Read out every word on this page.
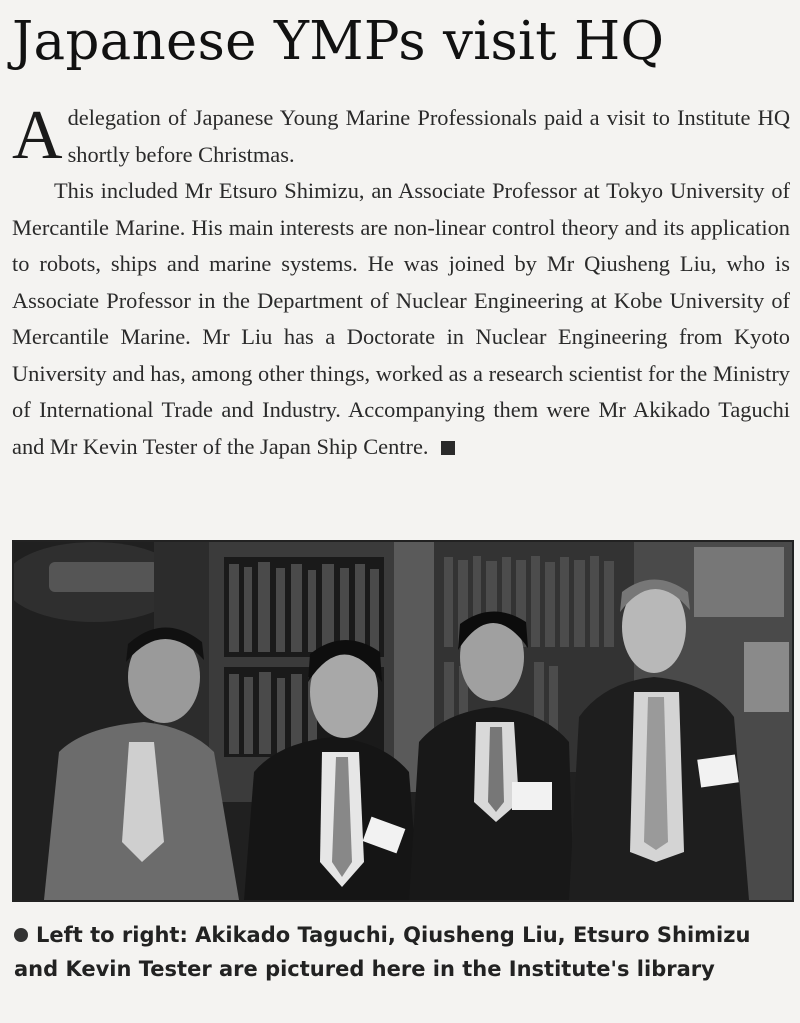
Japanese YMPs visit HQ

Adelegation of Japanese Young Marine Professionals paid a visit to Institute HQ shortly before Christmas.

This included Mr Etsuro Shimizu, an Associate Professor at Tokyo University of Mercantile Marine. His main interests are non-linear control theory and its application to robots, ships and marine systems. He was joined by Mr Qiusheng Liu, who is Associate Professor in the Department of Nuclear Engineering at Kobe University of Mercantile Marine. Mr Liu has a Doctorate in Nuclear Engineering from Kyoto University and has, among other things, worked as a research scientist for the Ministry of International Trade and Industry. Accompanying them were Mr Akikado Taguchi and Mr Kevin Tester of the Japan Ship Centre.

Left to right: Akikado Taguchi, Qiusheng Liu, Etsuro Shimizu and Kevin Tester are pictured here in the Institute's library
